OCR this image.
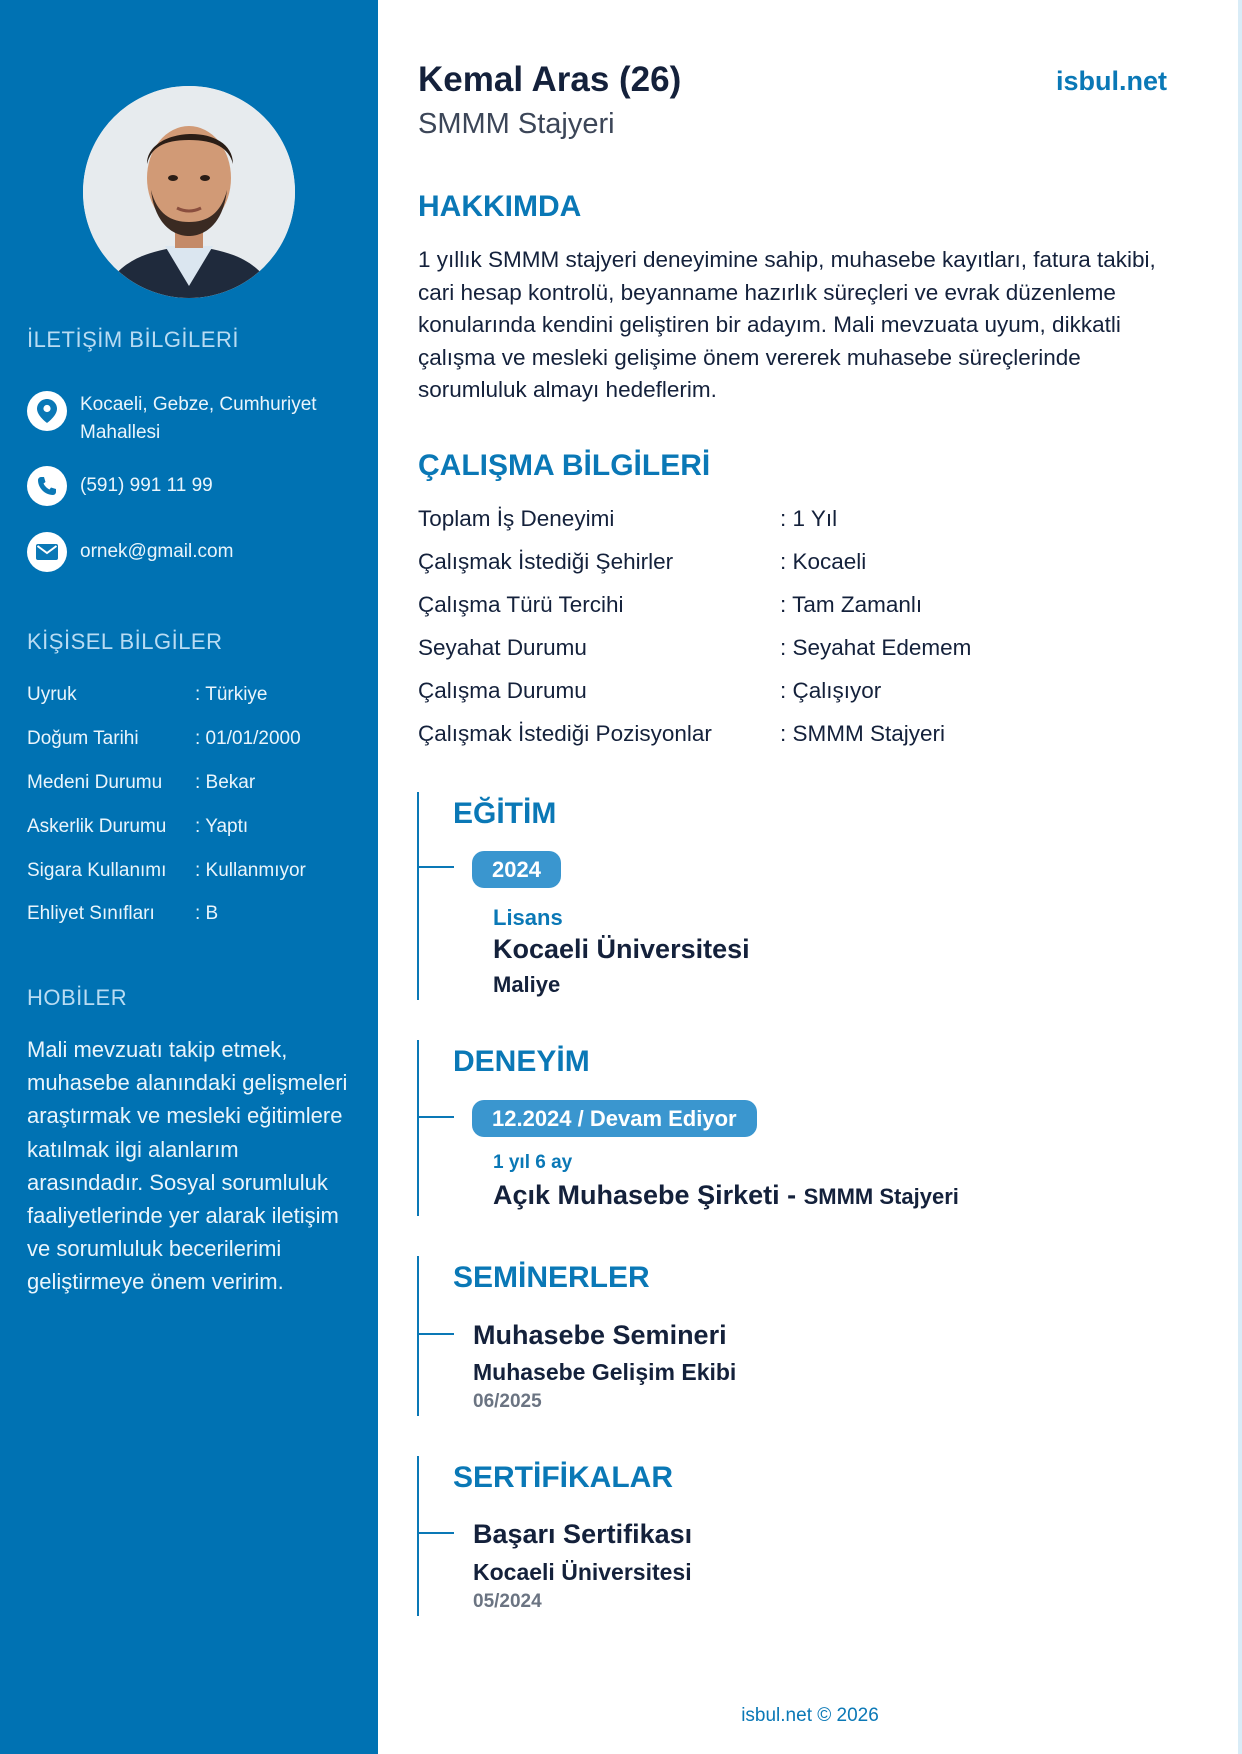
İLETİŞİM BİLGİLERİ
Kocaeli, Gebze, Cumhuriyet
Mahallesi
(591) 991 11 99
ornek@gmail.com
KİŞİSEL BİLGİLER
Uyruk	: Türkiye
Doğum Tarihi	: 01/01/2000
Medeni Durumu : Bekar
Askerlik Durumu : Yaptı
Sigara Kullanımı : Kullanmıyor
Ehliyet Sınıfları : B
HOBİLER
Mali mevzuatı takip etmek, muhasebe alanındaki gelişmeleri araştırmak ve mesleki eğitimlere katılmak ilgi alanlarım arasındadır. Sosyal sorumluluk faaliyetlerinde yer alarak iletişim ve sorumluluk becerilerimi geliştirmeye önem veririm.
Kemal Aras (26)
SMMM Stajyeri
isbul.net
HAKKIMDA
1 yıllık SMMM stajyeri deneyimine sahip, muhasebe kayıtları, fatura takibi, cari hesap kontrolü, beyanname hazırlık süreçleri ve evrak düzenleme konularında kendini geliştiren bir adayım. Mali mevzuata uyum, dikkatli çalışma ve mesleki gelişime önem vererek muhasebe süreçlerinde sorumluluk almayı hedeflerim.
ÇALIŞMA BİLGİLERİ
Toplam İş Deneyimi	: 1 Yıl
Çalışmak İstediği Şehirler	: Kocaeli
Çalışma Türü Tercihi	: Tam Zamanlı
Seyahat Durumu	: Seyahat Edemem
Çalışma Durumu	: Çalışıyor
Çalışmak İstediği Pozisyonlar	: SMMM Stajyeri
EĞİTİM
2024
Lisans
Kocaeli Üniversitesi
Maliye
DENEYİM
12.2024 / Devam Ediyor
1 yıl 6 ay
Açık Muhasebe Şirketi - SMMM Stajyeri
SEMİNERLER
Muhasebe Semineri
Muhasebe Gelişim Ekibi
06/2025
SERTİFİKALAR
Başarı Sertifikası
Kocaeli Üniversitesi
05/2024
isbul.net © 2026
